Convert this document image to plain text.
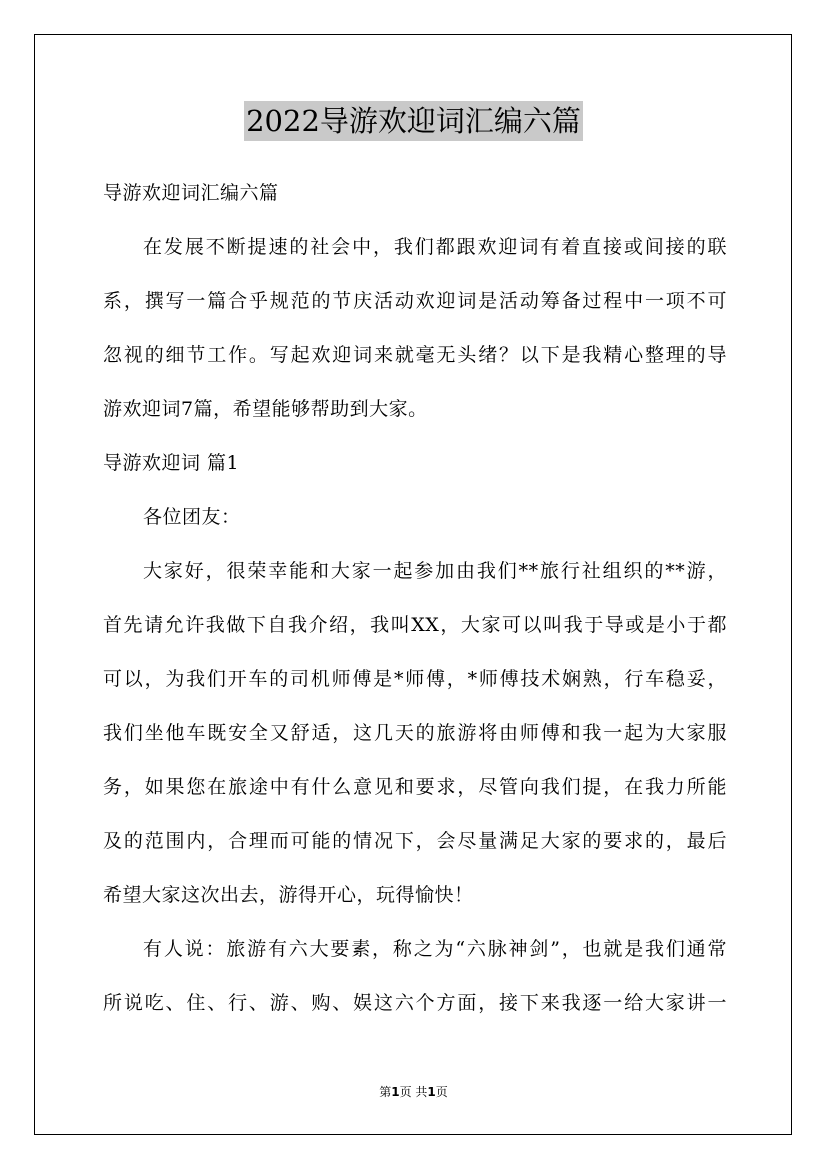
2022导游欢迎词汇编六篇
导游欢迎词汇编六篇
在发展不断提速的社会中，我们都跟欢迎词有着直接或间接的联
系，撰写一篇合乎规范的节庆活动欢迎词是活动筹备过程中一项不可
忽视的细节工作。写起欢迎词来就毫无头绪？以下是我精心整理的导
游欢迎词7篇，希望能够帮助到大家。
导游欢迎词 篇1
各位团友：
大家好，很荣幸能和大家一起参加由我们**旅行社组织的**游，
首先请允许我做下自我介绍，我叫XX，大家可以叫我于导或是小于都
可以，为我们开车的司机师傅是*师傅，*师傅技术娴熟，行车稳妥，
我们坐他车既安全又舒适，这几天的旅游将由师傅和我一起为大家服
务，如果您在旅途中有什么意见和要求，尽管向我们提，在我力所能
及的范围内，合理而可能的情况下，会尽量满足大家的要求的，最后
希望大家这次出去，游得开心，玩得愉快！
有人说：旅游有六大要素，称之为“六脉神剑”，也就是我们通常
所说吃、住、行、游、购、娱这六个方面，接下来我逐一给大家讲一
第1页 共1页
